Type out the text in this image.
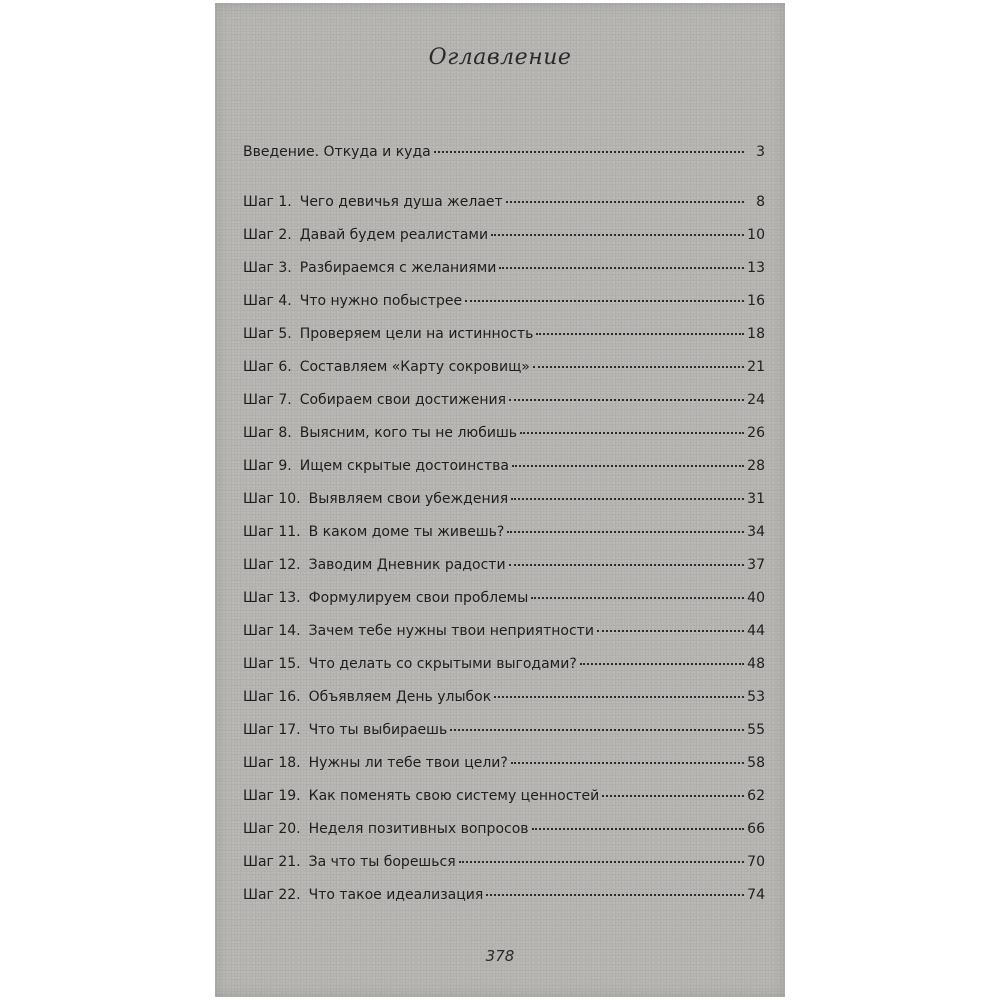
Оглавление
Введение. Откуда и куда	3
Шаг 1. Чего девичья душа желает	8
Шаг 2. Давай будем реалистами	10
Шаг 3. Разбираемся с желаниями	13
Шаг 4. Что нужно побыстрее	16
Шаг 5. Проверяем цели на истинность	18
Шаг 6. Составляем «Карту сокровищ»	21
Шаг 7. Собираем свои достижения	24
Шаг 8. Выясним, кого ты не любишь	26
Шаг 9. Ищем скрытые достоинства	28
Шаг 10. Выявляем свои убеждения	31
Шаг 11. В каком доме ты живешь?	34
Шаг 12. Заводим Дневник радости	37
Шаг 13. Формулируем свои проблемы	40
Шаг 14. Зачем тебе нужны твои неприятности	44
Шаг 15. Что делать со скрытыми выгодами?	48
Шаг 16. Объявляем День улыбок	53
Шаг 17. Что ты выбираешь	55
Шаг 18. Нужны ли тебе твои цели?	58
Шаг 19. Как поменять свою систему ценностей	62
Шаг 20. Неделя позитивных вопросов	66
Шаг 21. За что ты борешься	70
Шаг 22. Что такое идеализация	74
378
